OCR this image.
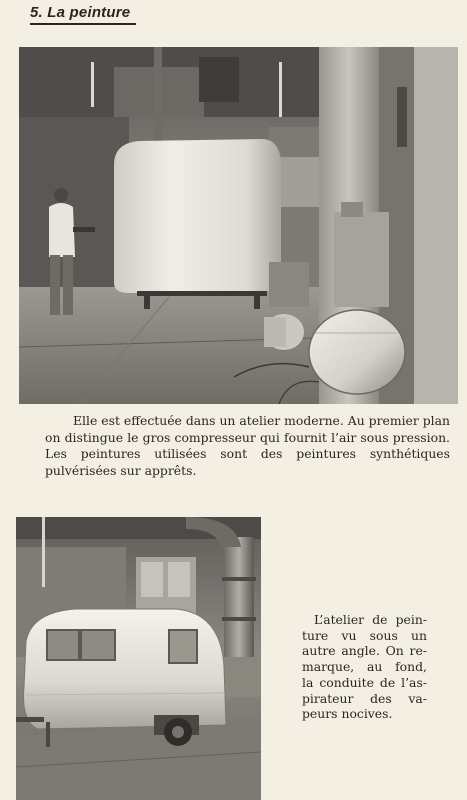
5. La peinture

Elle est effectuée dans un atelier moderne. Au premier plan on distingue le gros compresseur qui fournit l’air sous pression. Les peintures utilisées sont des peintures synthétiques pulvérisées sur apprêts.

L’atelier de pein-
ture vu sous un
autre angle. On re-
marque, au fond,
la conduite de l’as-
pirateur des va-
peurs nocives.
